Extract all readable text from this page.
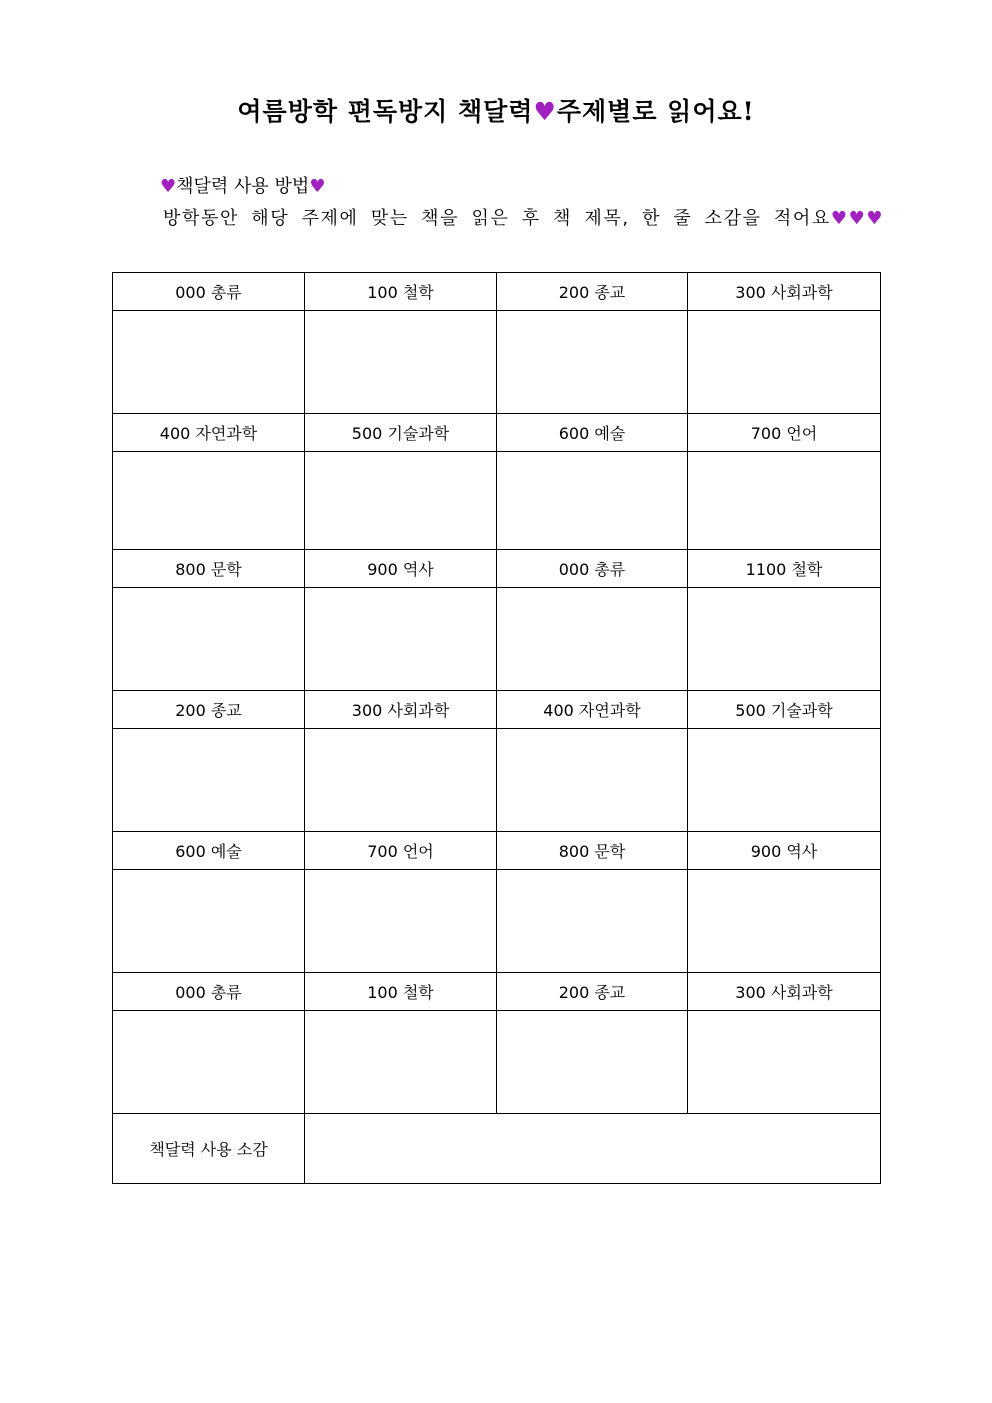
여름방학 편독방지 책달력♥주제별로 읽어요!
♥책달력 사용 방법♥
방학동안 해당 주제에 맞는 책을 읽은 후 책 제목, 한 줄 소감을 적어요♥♥♥
000 총류	100 철학	200 종교	300 사회과학

400 자연과학	500 기술과학	600 예술	700 언어

800 문학	900 역사	000 총류	1100 철학

200 종교	300 사회과학	400 자연과학	500 기술과학

600 예술	700 언어	800 문학	900 역사

000 총류	100 철학	200 종교	300 사회과학

책달력 사용 소감			
